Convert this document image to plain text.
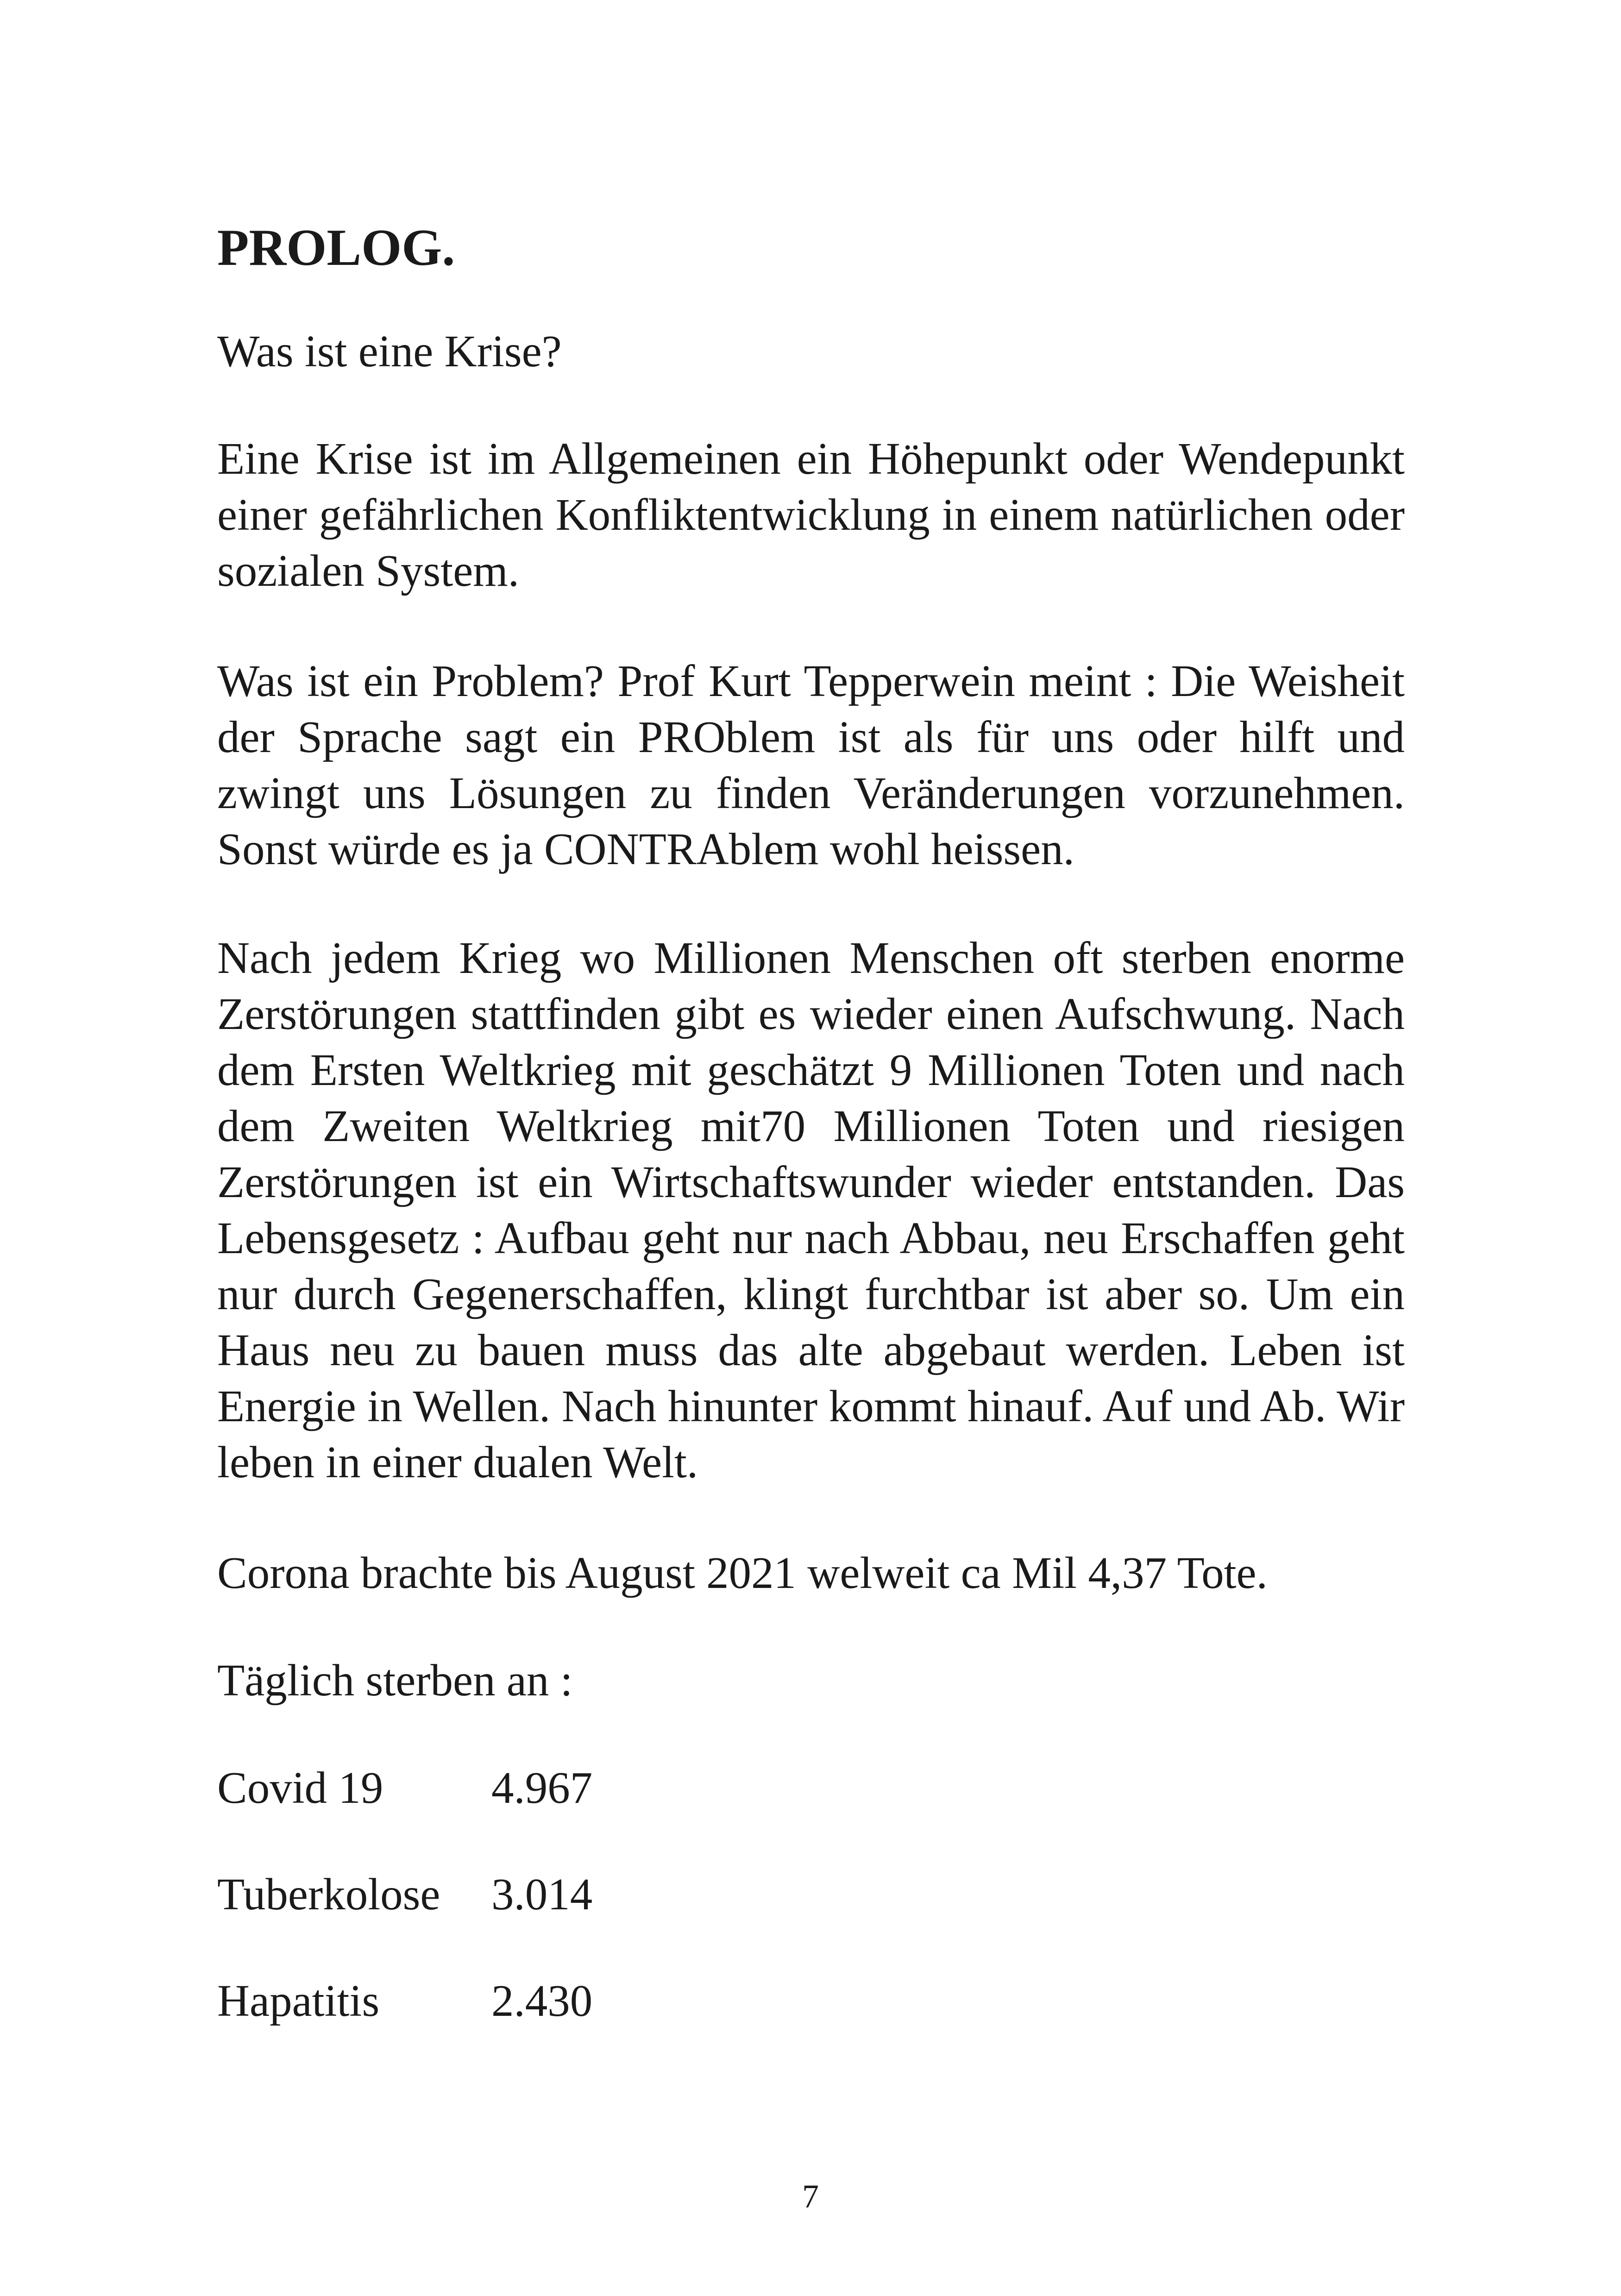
PROLOG.

Was ist eine Krise?

Eine Krise ist im Allgemeinen ein Höhepunkt oder Wendepunkt einer gefährlichen Konfliktentwicklung in einem natürlichen oder sozialen System.

Was ist ein Problem? Prof Kurt Tepperwein meint : Die Weisheit der Sprache sagt ein PROblem ist als für uns oder hilft und zwingt uns Lösungen zu finden Veränderungen vorzunehmen. Sonst würde es ja CONTRAblem wohl heissen.

Nach jedem Krieg wo Millionen Menschen oft sterben enorme Zerstörungen stattfinden gibt es wieder einen Aufschwung. Nach dem Ersten Weltkrieg mit geschätzt 9 Millionen Toten und nach dem Zweiten Weltkrieg mit70 Millionen Toten und riesigen Zerstörungen ist ein Wirtschaftswunder wieder entstanden. Das Lebensgesetz : Aufbau geht nur nach Abbau, neu Erschaffen geht nur durch Gegenerschaffen, klingt furchtbar ist aber so. Um ein Haus neu zu bauen muss das alte abgebaut werden. Leben ist Energie in Wellen. Nach hinunter kommt hinauf. Auf und Ab. Wir leben in einer dualen Welt.

Corona brachte bis August 2021 welweit ca Mil 4,37 Tote.

Täglich sterben an :

Covid 19 4.967
Tuberkolose 3.014
Hapatitis 2.430
7
